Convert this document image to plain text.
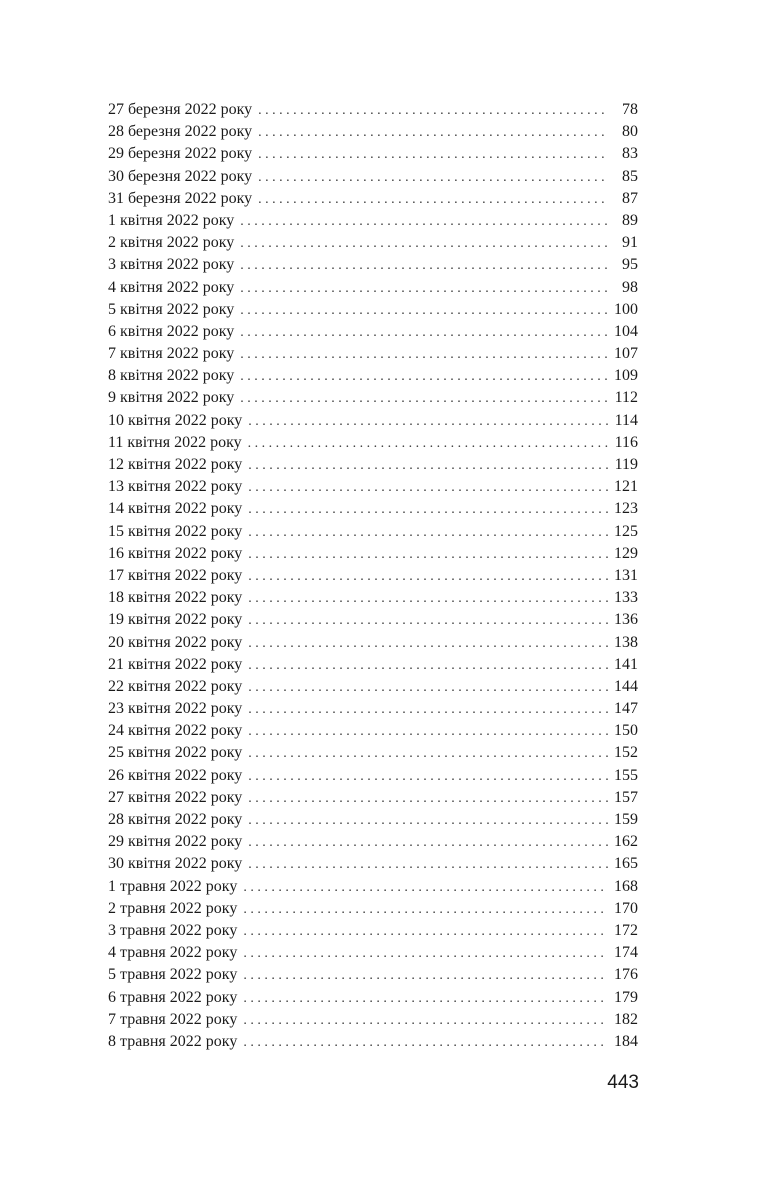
27 березня 2022 року . . .	78
28 березня 2022 року . . .	80
29 березня 2022 року . . .	83
30 березня 2022 року . . .	85
31 березня 2022 року . . .	87
1 квітня 2022 року . . .	89
2 квітня 2022 року . . .	91
3 квітня 2022 року . . .	95
4 квітня 2022 року . . .	98
5 квітня 2022 року . . .	100
6 квітня 2022 року . . .	104
7 квітня 2022 року . . .	107
8 квітня 2022 року . . .	109
9 квітня 2022 року . . .	112
10 квітня 2022 року . . .	114
11 квітня 2022 року . . .	116
12 квітня 2022 року . . .	119
13 квітня 2022 року . . .	121
14 квітня 2022 року . . .	123
15 квітня 2022 року . . .	125
16 квітня 2022 року . . .	129
17 квітня 2022 року . . .	131
18 квітня 2022 року . . .	133
19 квітня 2022 року . . .	136
20 квітня 2022 року . . .	138
21 квітня 2022 року . . .	141
22 квітня 2022 року . . .	144
23 квітня 2022 року . . .	147
24 квітня 2022 року . . .	150
25 квітня 2022 року . . .	152
26 квітня 2022 року . . .	155
27 квітня 2022 року . . .	157
28 квітня 2022 року . . .	159
29 квітня 2022 року . . .	162
30 квітня 2022 року . . .	165
1 травня 2022 року . . .	168
2 травня 2022 року . . .	170
3 травня 2022 року . . .	172
4 травня 2022 року . . .	174
5 травня 2022 року . . .	176
6 травня 2022 року . . .	179
7 травня 2022 року . . .	182
8 травня 2022 року . . .	184
443
